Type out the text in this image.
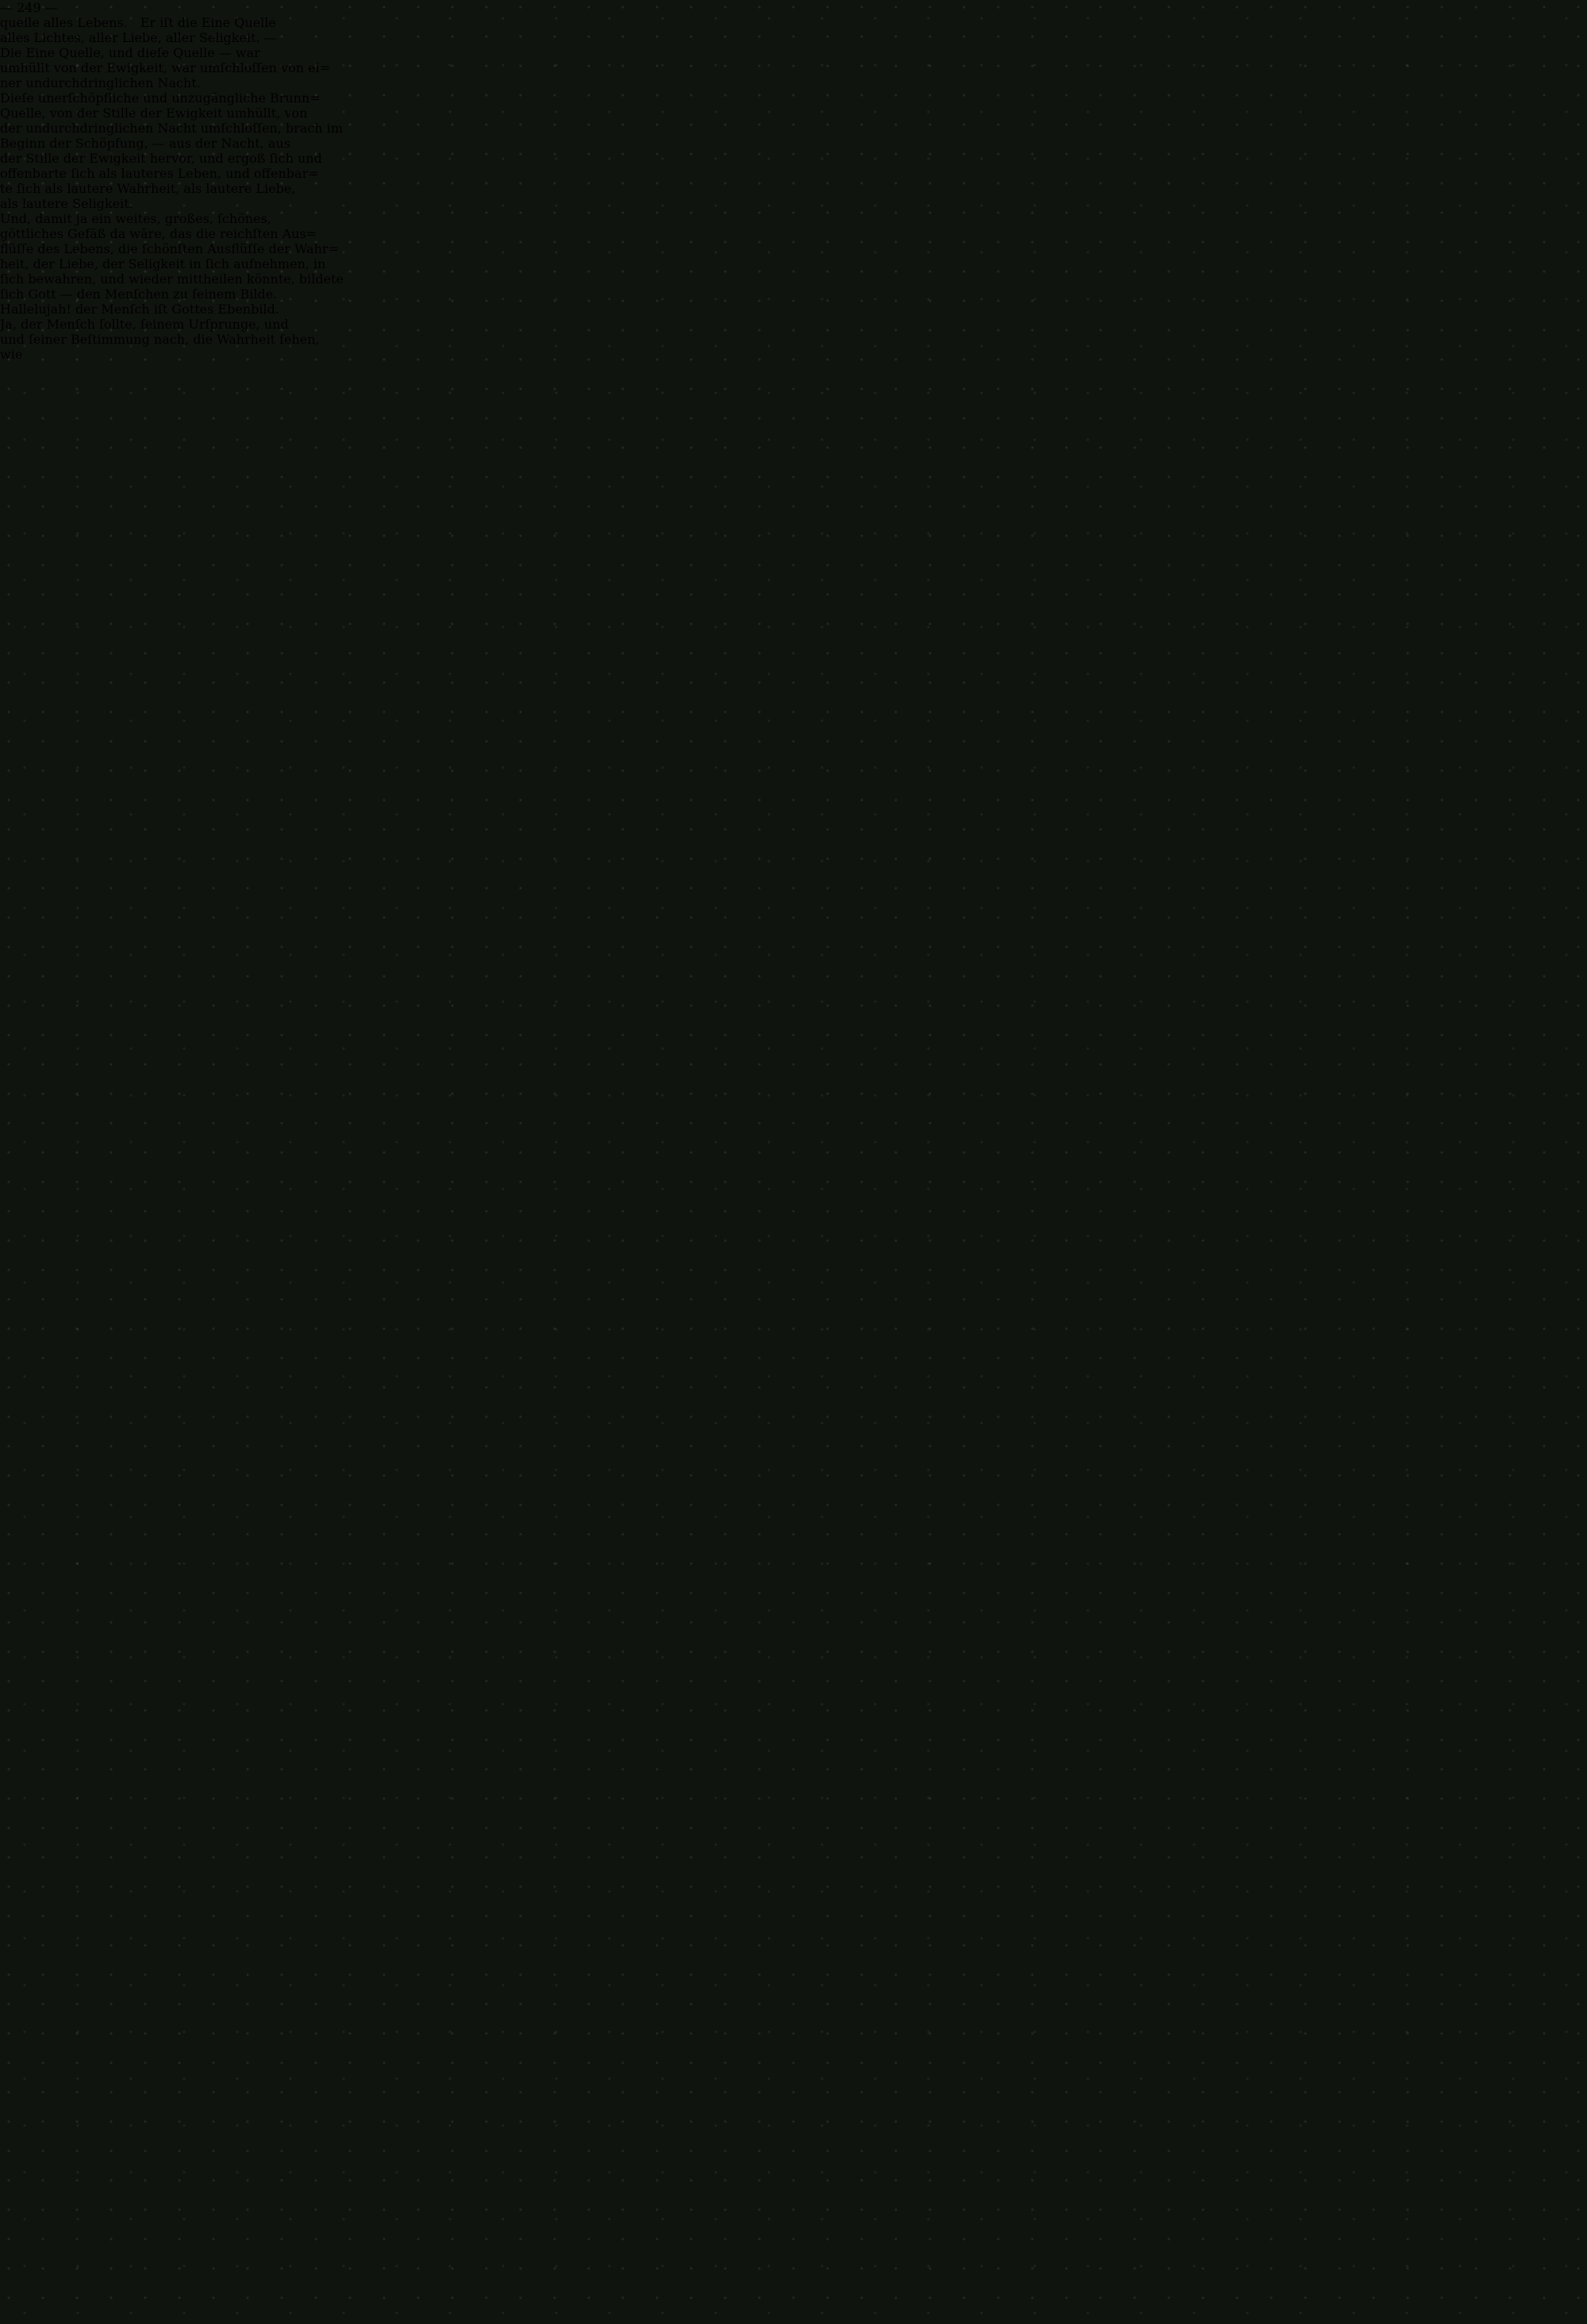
— 249 —
quelle alles Lebens. Er iſt die Eine Quelle
alles Lichtes, aller Liebe, aller Seligkeit. —
Die Eine Quelle, und dieſe Quelle — war
umhüllt von der Ewigkeit, war umſchloſſen von ei=
ner undurchdringlichen Nacht.
Dieſe unerſchöpfliche und unzugängliche Brunn=
Quelle, von der Stille der Ewigkeit umhüllt, von
der undurchdringlichen Nacht umſchloſſen, brach im
Beginn der Schöpfung, — aus der Nacht, aus
der Stille der Ewigkeit hervor, und ergoß ſich und
offenbarte ſich als lauteres Leben, und offenbar=
te ſich als lautere Wahrheit, als lautere Liebe,
als lautere Seligkeit.
Und, damit ja ein weites, großes, ſchönes,
göttliches Gefäß da wäre, das die reichſten Aus=
flüſſe des Lebens, die ſchönſten Ausflüſſe der Wahr=
heit, der Liebe, der Seligkeit in ſich aufnehmen, in
ſich bewahren, und wieder mittheilen könnte, bildete
ſich Gott — den Menſchen zu ſeinem Bilde.
Hallelujah! der Menſch iſt Gottes Ebenbild.
Ja, der Menſch ſollte, ſeinem Urſprunge, und
und ſeiner Beſtimmung nach, die Wahrheit ſehen,
wie
